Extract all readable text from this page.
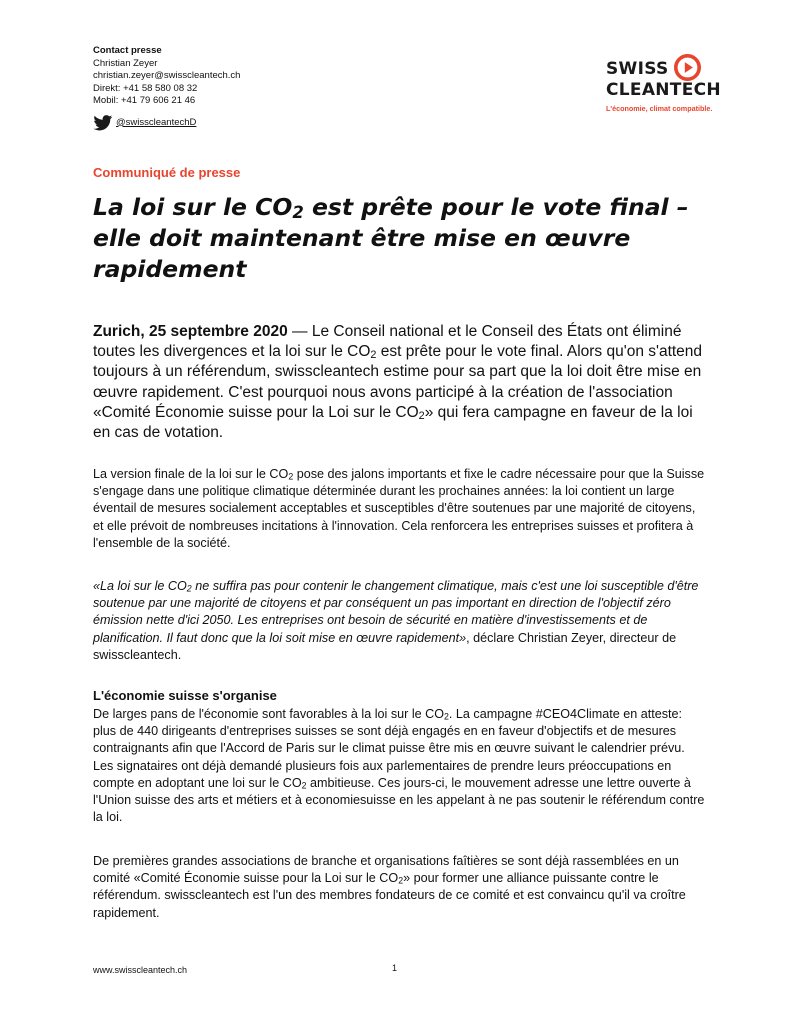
Contact presse
Christian Zeyer
christian.zeyer@swisscleantech.ch
Direkt: +41 58 580 08 32
Mobil: +41 79 606 21 46
@swisscleantechD
SWISS
CLEANTECH
L'économie, climat compatible.
Communiqué de presse
La loi sur le $CO_2$ est prête pour le vote final – elle doit maintenant être mise en œuvre rapidement

Zurich, 25 septembre 2020 — Le Conseil national et le Conseil des États ont éliminé toutes les divergences et la loi sur le $CO_2$ est prête pour le vote final. Alors qu'on s'attend toujours à un référendum, swisscleantech estime pour sa part que la loi doit être mise en œuvre rapidement. C'est pourquoi nous avons participé à la création de l'association «Comité Économie suisse pour la Loi sur le $CO_2$» qui fera campagne en faveur de la loi en cas de votation.

La version finale de la loi sur le $CO_2$ pose des jalons importants et fixe le cadre nécessaire pour que la Suisse s'engage dans une politique climatique déterminée durant les prochaines années: la loi contient un large éventail de mesures socialement acceptables et susceptibles d'être soutenues par une majorité de citoyens, et elle prévoit de nombreuses incitations à l'innovation. Cela renforcera les entreprises suisses et profitera à l'ensemble de la société.

«La loi sur le $CO_2$ ne suffira pas pour contenir le changement climatique, mais c'est une loi susceptible d'être soutenue par une majorité de citoyens et par conséquent un pas important en direction de l'objectif zéro émission nette d'ici 2050. Les entreprises ont besoin de sécurité en matière d'investissements et de planification. Il faut donc que la loi soit mise en œuvre rapidement», déclare Christian Zeyer, directeur de swisscleantech.

L'économie suisse s'organise

De larges pans de l'économie sont favorables à la loi sur le $CO_2$. La campagne #CEO4Climate en atteste: plus de 440 dirigeants d'entreprises suisses se sont déjà engagés en en faveur d'objectifs et de mesures contraignants afin que l'Accord de Paris sur le climat puisse être mis en œuvre suivant le calendrier prévu. Les signataires ont déjà demandé plusieurs fois aux parlementaires de prendre leurs préoccupations en compte en adoptant une loi sur le $CO_2$ ambitieuse. Ces jours-ci, le mouvement adresse une lettre ouverte à l'Union suisse des arts et métiers et à economiesuisse en les appelant à ne pas soutenir le référendum contre la loi.

De premières grandes associations de branche et organisations faîtières se sont déjà rassemblées en un comité «Comité Économie suisse pour la Loi sur le $CO_2$» pour former une alliance puissante contre le référendum. swisscleantech est l'un des membres fondateurs de ce comité et est convaincu qu'il va croître rapidement.

www.swisscleantech.ch	1
